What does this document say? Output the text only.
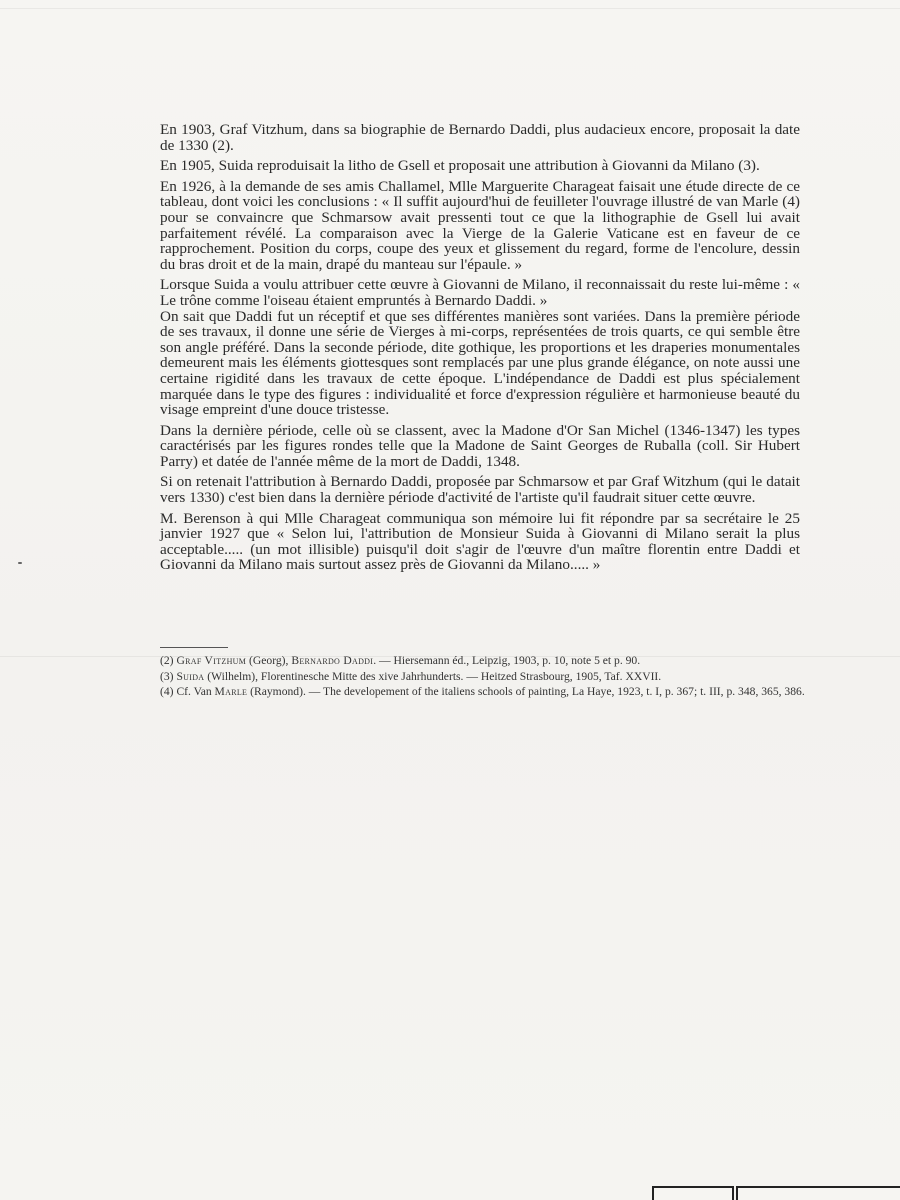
En 1903, Graf Vitzhum, dans sa biographie de Bernardo Daddi, plus audacieux encore, proposait la date de 1330 (2).

En 1905, Suida reproduisait la litho de Gsell et proposait une attribution à Giovanni da Milano (3).

En 1926, à la demande de ses amis Challamel, Mlle Marguerite Charageat faisait une étude directe de ce tableau, dont voici les conclusions : « Il suffit aujourd'hui de feuilleter l'ouvrage illustré de van Marle (4) pour se convaincre que Schmarsow avait pressenti tout ce que la lithographie de Gsell lui avait parfaitement révélé. La comparaison avec la Vierge de la Galerie Vaticane est en faveur de ce rapprochement. Position du corps, coupe des yeux et glissement du regard, forme de l'encolure, dessin du bras droit et de la main, drapé du manteau sur l'épaule. »

Lorsque Suida a voulu attribuer cette œuvre à Giovanni de Milano, il reconnaissait du reste lui-même : « Le trône comme l'oiseau étaient empruntés à Bernardo Daddi. »
On sait que Daddi fut un réceptif et que ses différentes manières sont variées. Dans la première période de ses travaux, il donne une série de Vierges à mi-corps, représentées de trois quarts, ce qui semble être son angle préféré. Dans la seconde période, dite gothique, les proportions et les draperies monumentales demeurent mais les éléments giottesques sont remplacés par une plus grande élégance, on note aussi une certaine rigidité dans les travaux de cette époque. L'indépendance de Daddi est plus spécialement marquée dans le type des figures : individualité et force d'expression régulière et harmonieuse beauté du visage empreint d'une douce tristesse.

Dans la dernière période, celle où se classent, avec la Madone d'Or San Michel (1346-1347) les types caractérisés par les figures rondes telle que la Madone de Saint Georges de Ruballa (coll. Sir Hubert Parry) et datée de l'année même de la mort de Daddi, 1348.

Si on retenait l'attribution à Bernardo Daddi, proposée par Schmarsow et par Graf Witzhum (qui le datait vers 1330) c'est bien dans la dernière période d'activité de l'artiste qu'il faudrait situer cette œuvre.

M. Berenson à qui Mlle Charageat communiqua son mémoire lui fit répondre par sa secrétaire le 25 janvier 1927 que « Selon lui, l'attribution de Monsieur Suida à Giovanni di Milano serait la plus acceptable..... (un mot illisible) puisqu'il doit s'agir de l'œuvre d'un maître florentin entre Daddi et Giovanni da Milano mais surtout assez près de Giovanni da Milano..... »

(2) Graf Vitzhum (Georg), Bernardo Daddi. — Hiersemann éd., Leipzig, 1903, p. 10, note 5 et p. 90.

(3) Suida (Wilhelm), Florentinesche Mitte des xive Jahrhunderts. — Heitzed Strasbourg, 1905, Taf. XXVII.

(4) Cf. Van Marle (Raymond). — The developement of the italiens schools of painting, La Haye, 1923, t. I, p. 367; t. III, p. 348, 365, 386.
